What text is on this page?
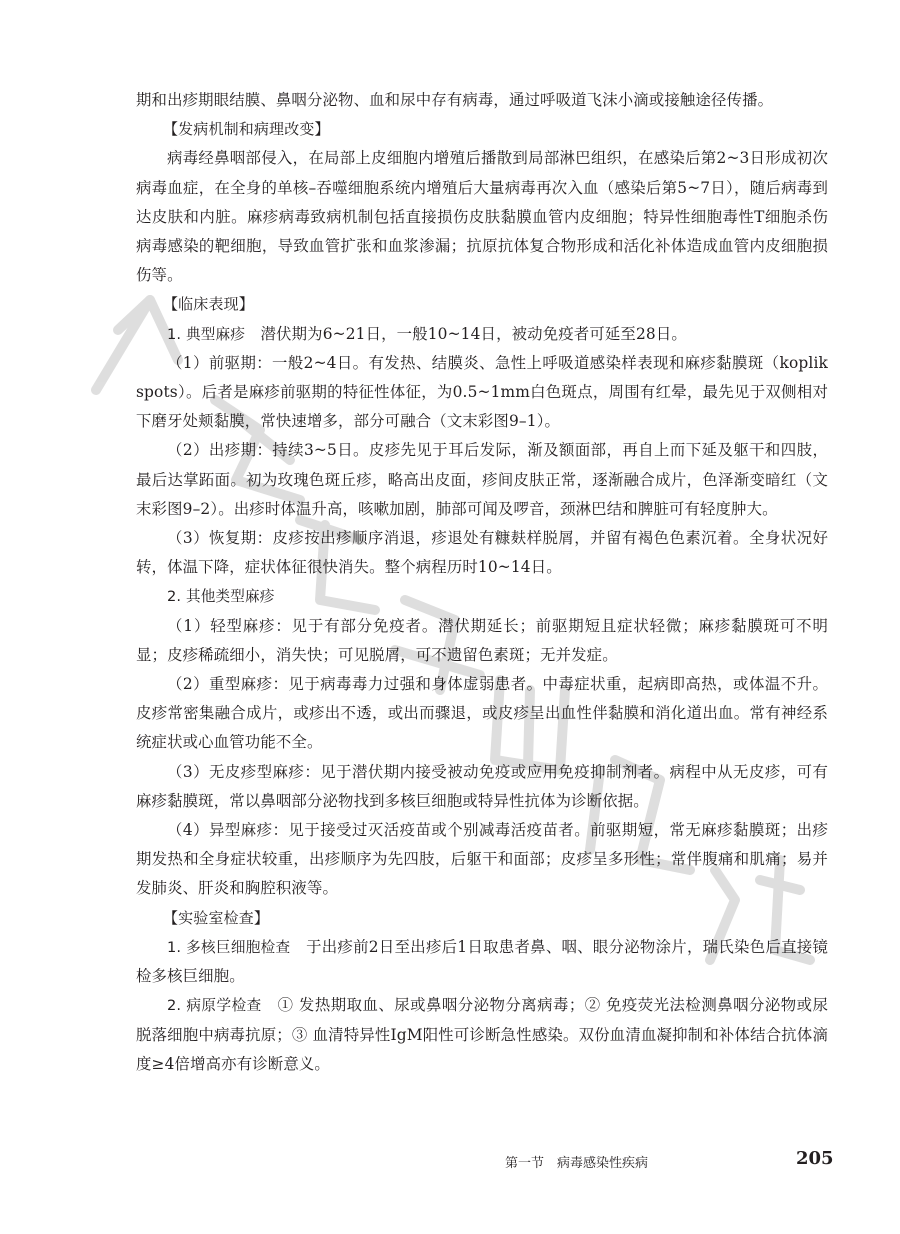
期和出疹期眼结膜、鼻咽分泌物、血和尿中存有病毒，通过呼吸道飞沫小滴或接触途径传播。

【发病机制和病理改变】

病毒经鼻咽部侵入，在局部上皮细胞内增殖后播散到局部淋巴组织，在感染后第2~3日形成初次病毒血症，在全身的单核–吞噬细胞系统内增殖后大量病毒再次入血（感染后第5~7日），随后病毒到达皮肤和内脏。麻疹病毒致病机制包括直接损伤皮肤黏膜血管内皮细胞；特异性细胞毒性T细胞杀伤病毒感染的靶细胞，导致血管扩张和血浆渗漏；抗原抗体复合物形成和活化补体造成血管内皮细胞损伤等。

【临床表现】

1. 典型麻疹　 潜伏期为6~21日，一般10~14日，被动免疫者可延至28日。

（1）前驱期：一般2~4日。有发热、结膜炎、急性上呼吸道感染样表现和麻疹黏膜斑（koplik spots）。后者是麻疹前驱期的特征性体征，为0.5~1mm白色斑点，周围有红晕，最先见于双侧相对下磨牙处颊黏膜，常快速增多，部分可融合（文末彩图9–1）。

（2）出疹期：持续3~5日。皮疹先见于耳后发际，渐及额面部，再自上而下延及躯干和四肢，最后达掌跖面。初为玫瑰色斑丘疹，略高出皮面，疹间皮肤正常，逐渐融合成片，色泽渐变暗红（文末彩图9–2）。出疹时体温升高，咳嗽加剧，肺部可闻及啰音，颈淋巴结和脾脏可有轻度肿大。

（3）恢复期：皮疹按出疹顺序消退，疹退处有糠麸样脱屑，并留有褐色色素沉着。全身状况好转，体温下降，症状体征很快消失。整个病程历时10~14日。

2. 其他类型麻疹

（1）轻型麻疹：见于有部分免疫者。潜伏期延长；前驱期短且症状轻微；麻疹黏膜斑可不明显；皮疹稀疏细小，消失快；可见脱屑，可不遗留色素斑；无并发症。

（2）重型麻疹：见于病毒毒力过强和身体虚弱患者。中毒症状重，起病即高热，或体温不升。皮疹常密集融合成片，或疹出不透，或出而骤退，或皮疹呈出血性伴黏膜和消化道出血。常有神经系统症状或心血管功能不全。

（3）无皮疹型麻疹：见于潜伏期内接受被动免疫或应用免疫抑制剂者。病程中从无皮疹，可有麻疹黏膜斑，常以鼻咽部分泌物找到多核巨细胞或特异性抗体为诊断依据。

（4）异型麻疹：见于接受过灭活疫苗或个别减毒活疫苗者。前驱期短，常无麻疹黏膜斑；出疹期发热和全身症状较重，出疹顺序为先四肢，后躯干和面部；皮疹呈多形性；常伴腹痛和肌痛；易并发肺炎、肝炎和胸腔积液等。

【实验室检查】

1. 多核巨细胞检查　 于出疹前2日至出疹后1日取患者鼻、咽、眼分泌物涂片，瑞氏染色后直接镜检多核巨细胞。

2. 病原学检查　 ① 发热期取血、尿或鼻咽分泌物分离病毒；② 免疫荧光法检测鼻咽分泌物或尿脱落细胞中病毒抗原；③ 血清特异性IgM阳性可诊断急性感染。双份血清血凝抑制和补体结合抗体滴度≥4倍增高亦有诊断意义。

第一节　病毒感染性疾病	205
